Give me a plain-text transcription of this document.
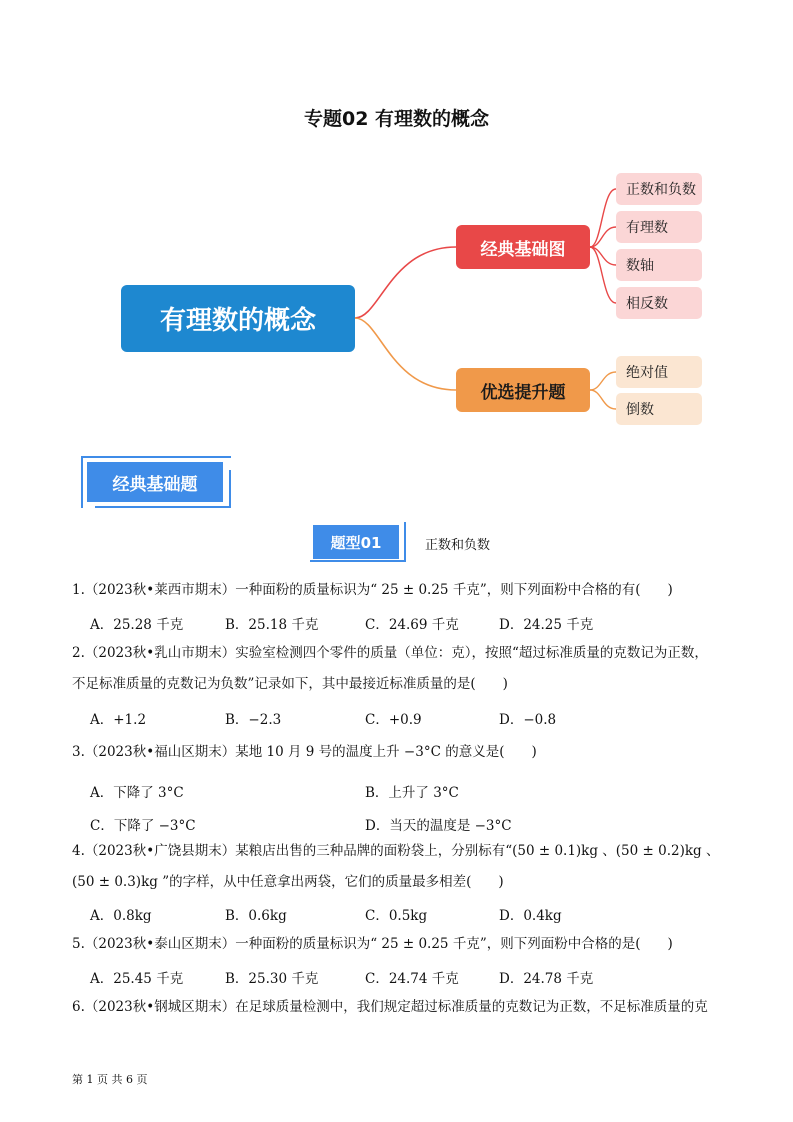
专题02 有理数的概念
有理数的概念
经典基础图
优选提升题
正数和负数
有理数
数轴
相反数
绝对值
倒数
经典基础题
题型01	正数和负数
1.（2023秋•莱西市期末）一种面粉的质量标识为“ 25 ± 0.25 千克”，则下列面粉中合格的有(　　)
A．25.28 千克	B．25.18 千克	C．24.69 千克	D．24.25 千克
2.（2023秋•乳山市期末）实验室检测四个零件的质量（单位：克），按照“超过标准质量的克数记为正数，
不足标准质量的克数记为负数”记录如下，其中最接近标准质量的是(　　)
A．+1.2	B．−2.3	C．+0.9	D．−0.8
3.（2023秋•福山区期末）某地 10 月 9 号的温度上升 −3°C 的意义是(　　)
A．下降了 3°C	B．上升了 3°C
C．下降了 −3°C	D．当天的温度是 −3°C
4.（2023秋•广饶县期末）某粮店出售的三种品牌的面粉袋上，分别标有“(50 ± 0.1)kg 、(50 ± 0.2)kg 、
(50 ± 0.3)kg ”的字样，从中任意拿出两袋，它们的质量最多相差(　　)
A．0.8kg	B．0.6kg	C．0.5kg	D．0.4kg
5.（2023秋•泰山区期末）一种面粉的质量标识为“ 25 ± 0.25 千克”，则下列面粉中合格的是(　　)
A．25.45 千克	B．25.30 千克	C．24.74 千克	D．24.78 千克
6.（2023秋•钢城区期末）在足球质量检测中，我们规定超过标准质量的克数记为正数，不足标准质量的克
第 1 页 共 6 页
